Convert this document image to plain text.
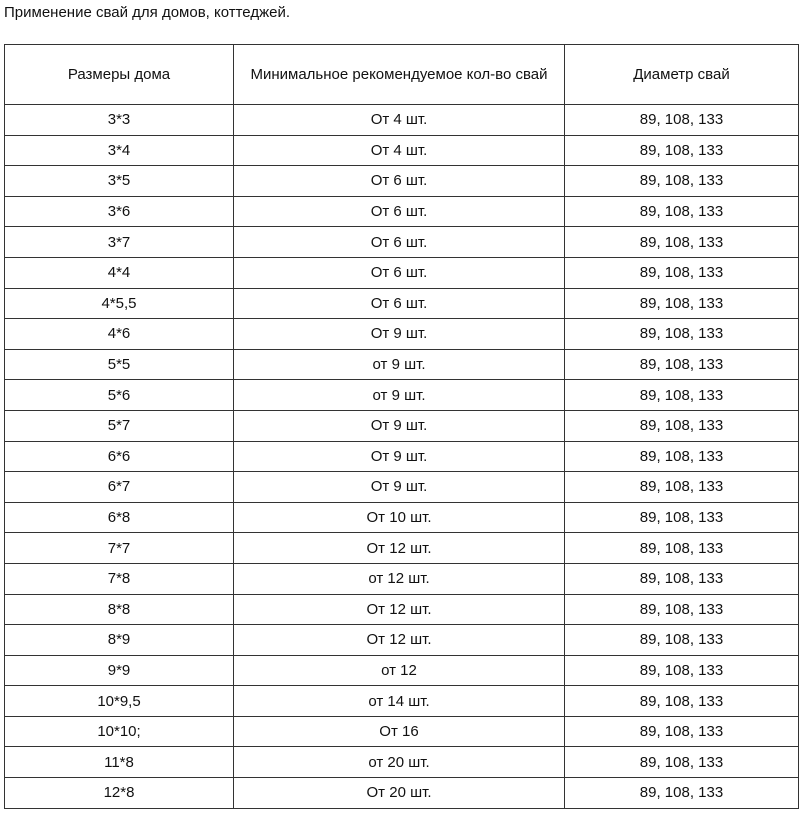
Применение свай для домов, коттеджей.
Размеры дома	Минимальное рекомендуемое кол-во свай	Диаметр свай
3*3	От 4 шт.	89, 108, 133
3*4	От 4 шт.	89, 108, 133
3*5	От 6 шт.	89, 108, 133
3*6	От 6 шт.	89, 108, 133
3*7	От 6 шт.	89, 108, 133
4*4	От 6 шт.	89, 108, 133
4*5,5	От 6 шт.	89, 108, 133
4*6	От 9 шт.	89, 108, 133
5*5	от 9 шт.	89, 108, 133
5*6	от 9 шт.	89, 108, 133
5*7	От 9 шт.	89, 108, 133
6*6	От 9 шт.	89, 108, 133
6*7	От 9 шт.	89, 108, 133
6*8	От 10 шт.	89, 108, 133
7*7	От 12 шт.	89, 108, 133
7*8	от 12 шт.	89, 108, 133
8*8	От 12 шт.	89, 108, 133
8*9	От 12 шт.	89, 108, 133
9*9	от 12	89, 108, 133
10*9,5	от 14 шт.	89, 108, 133
10*10;	От 16	89, 108, 133
11*8	от 20 шт.	89, 108, 133
12*8	От 20 шт.	89, 108, 133
